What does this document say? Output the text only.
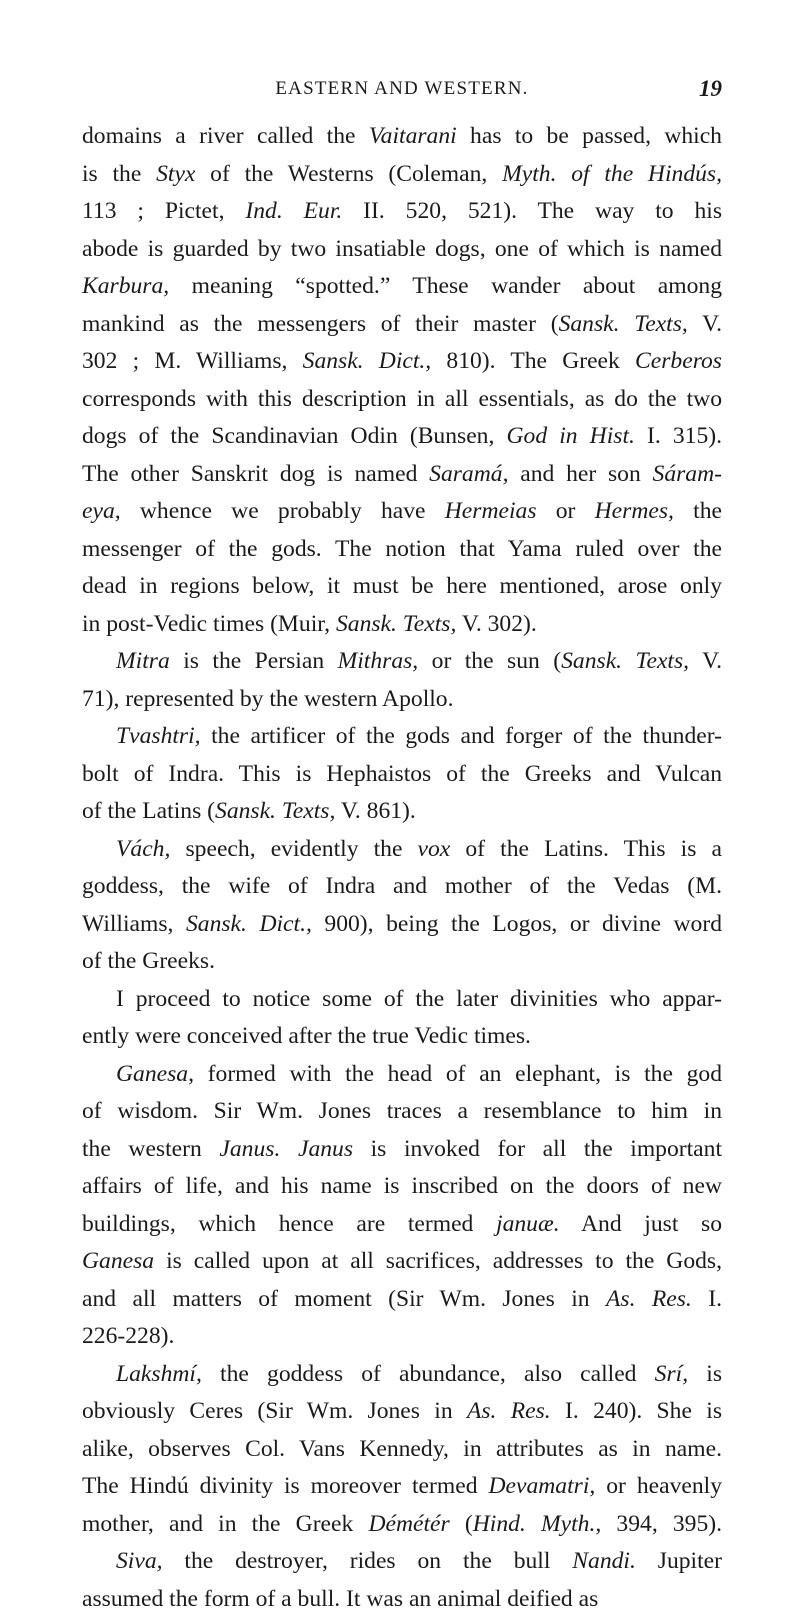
EASTERN AND WESTERN.	19
domains a river called the Vaitarani has to be passed, which
is the Styx of the Westerns (Coleman, Myth. of the Hindús,
113 ; Pictet, Ind. Eur. II. 520, 521). The way to his
abode is guarded by two insatiable dogs, one of which is named
Karbura, meaning “spotted.” These wander about among
mankind as the messengers of their master (Sansk. Texts, V.
302 ; M. Williams, Sansk. Dict., 810). The Greek Cerberos
corresponds with this description in all essentials, as do the two
dogs of the Scandinavian Odin (Bunsen, God in Hist. I. 315).
The other Sanskrit dog is named Saramá, and her son Sáram-
eya, whence we probably have Hermeias or Hermes, the
messenger of the gods. The notion that Yama ruled over the
dead in regions below, it must be here mentioned, arose only
in post-Vedic times (Muir, Sansk. Texts, V. 302).
Mitra is the Persian Mithras, or the sun (Sansk. Texts, V.
71), represented by the western Apollo.
Tvashtri, the artificer of the gods and forger of the thunder-
bolt of Indra. This is Hephaistos of the Greeks and Vulcan
of the Latins (Sansk. Texts, V. 861).
Vách, speech, evidently the vox of the Latins. This is a
goddess, the wife of Indra and mother of the Vedas (M.
Williams, Sansk. Dict., 900), being the Logos, or divine word
of the Greeks.
I proceed to notice some of the later divinities who appar-
ently were conceived after the true Vedic times.
Ganesa, formed with the head of an elephant, is the god
of wisdom. Sir Wm. Jones traces a resemblance to him in
the western Janus. Janus is invoked for all the important
affairs of life, and his name is inscribed on the doors of new
buildings, which hence are termed januæ. And just so
Ganesa is called upon at all sacrifices, addresses to the Gods,
and all matters of moment (Sir Wm. Jones in As. Res. I.
226-228).
Lakshmí, the goddess of abundance, also called Srí, is
obviously Ceres (Sir Wm. Jones in As. Res. I. 240). She is
alike, observes Col. Vans Kennedy, in attributes as in name.
The Hindú divinity is moreover termed Devamatri, or heavenly
mother, and in the Greek Démétér (Hind. Myth., 394, 395).
Siva, the destroyer, rides on the bull Nandi. Jupiter
assumed the form of a bull. It was an animal deified as
